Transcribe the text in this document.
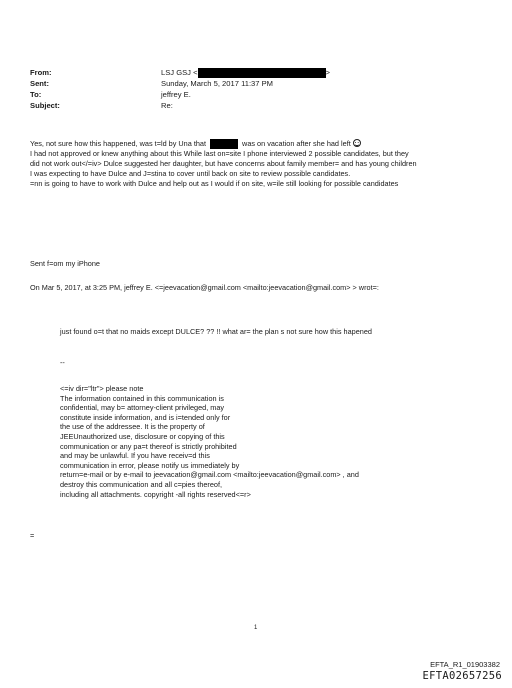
From:	LSJ GSJ <	>
Sent:	Sunday, March 5, 2017 11:37 PM
To:	jeffrey E.
Subject:	Re:
Yes, not sure how this happened, was t=ld by Una that	was on vacation after she had left
I had not approved or knew anything about this While last on=site I phone interviewed 2 possible candidates, but they
did not work out</=iv> Dulce suggested her daughter, but have concerns about family member= and has young children
I was expecting to have Dulce and J=stina to cover until back on site to review possible candidates.
=nn is going to have to work with Dulce and help out as I would if on site, w=ile still looking for possible candidates
Sent f=om my iPhone
On Mar 5, 2017, at 3:25 PM, jeffrey E. <=jeevacation@gmail.com <mailto:jeevacation@gmail.com> > wrot=:
just found o=t that no maids except DULCE? ?? !! what ar= the plan s not sure how this hapened
--
<=iv dir="ltr"> please note
The information contained in this communication is
confidential, may b= attorney-client privileged, may
constitute inside information, and is i=tended only for
the use of the addressee. It is the property of
JEEUnauthorized use, disclosure or copying of this
communication or any pa=t thereof is strictly prohibited
and may be unlawful. If you have receiv=d this
communication in error, please notify us immediately by
return=e-mail or by e-mail to jeevacation@gmail.com <mailto:jeevacation@gmail.com> , and
destroy this communication and all c=pies thereof,
including all attachments. copyright -all rights reserved<=r>
=
1
EFTA_R1_01903382
EFTA02657256
